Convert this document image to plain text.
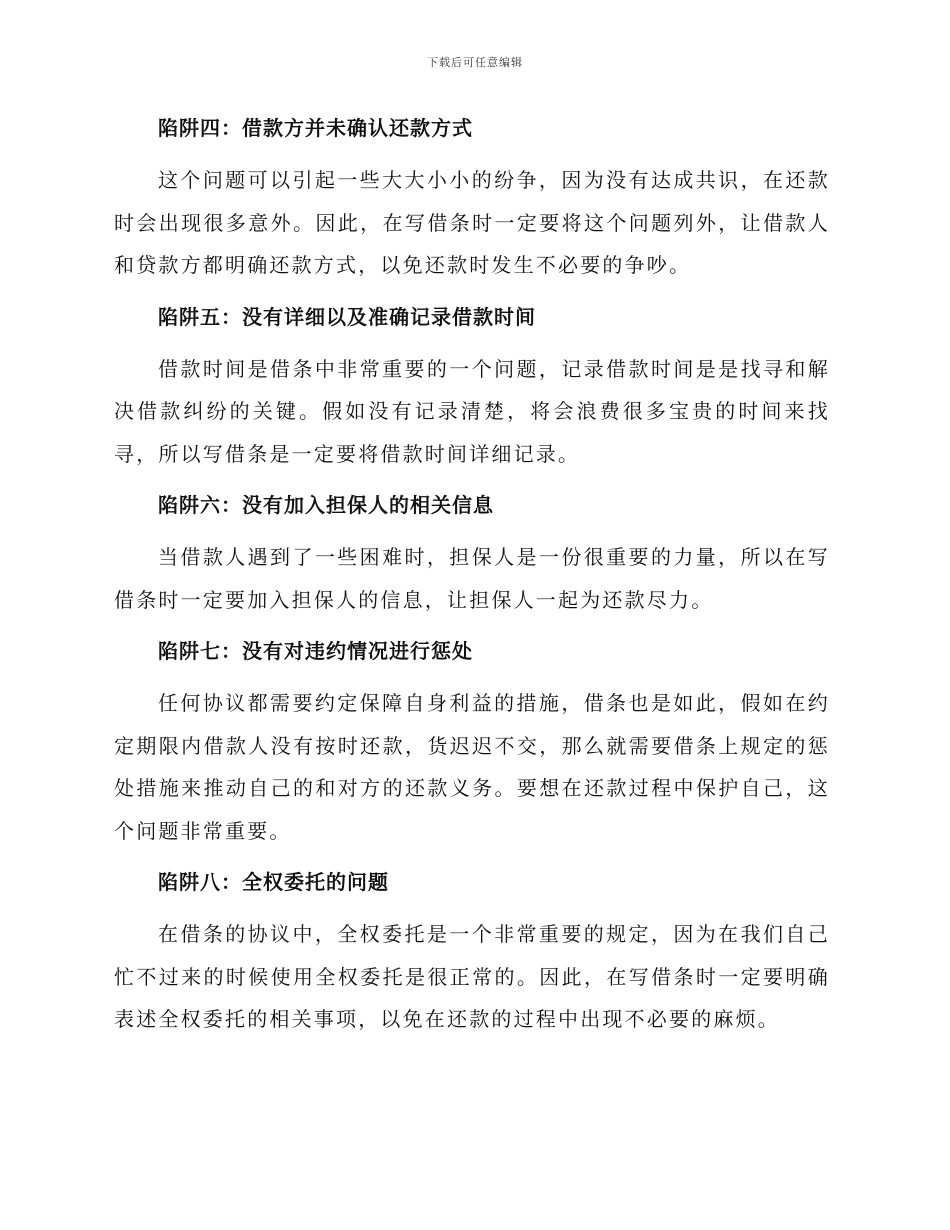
下载后可任意编辑
陷阱四：借款方并未确认还款方式

这个问题可以引起一些大大小小的纷争，因为没有达成共识，在还款时会出现很多意外。因此，在写借条时一定要将这个问题列外，让借款人和贷款方都明确还款方式，以免还款时发生不必要的争吵。

陷阱五：没有详细以及准确记录借款时间

借款时间是借条中非常重要的一个问题，记录借款时间是是找寻和解决借款纠纷的关键。假如没有记录清楚，将会浪费很多宝贵的时间来找寻，所以写借条是一定要将借款时间详细记录。

陷阱六：没有加入担保人的相关信息

当借款人遇到了一些困难时，担保人是一份很重要的力量，所以在写借条时一定要加入担保人的信息，让担保人一起为还款尽力。

陷阱七：没有对违约情况进行惩处

任何协议都需要约定保障自身利益的措施，借条也是如此，假如在约定期限内借款人没有按时还款，货迟迟不交，那么就需要借条上规定的惩处措施来推动自己的和对方的还款义务。要想在还款过程中保护自己，这个问题非常重要。

陷阱八：全权委托的问题

在借条的协议中，全权委托是一个非常重要的规定，因为在我们自己忙不过来的时候使用全权委托是很正常的。因此，在写借条时一定要明确表述全权委托的相关事项，以免在还款的过程中出现不必要的麻烦。
